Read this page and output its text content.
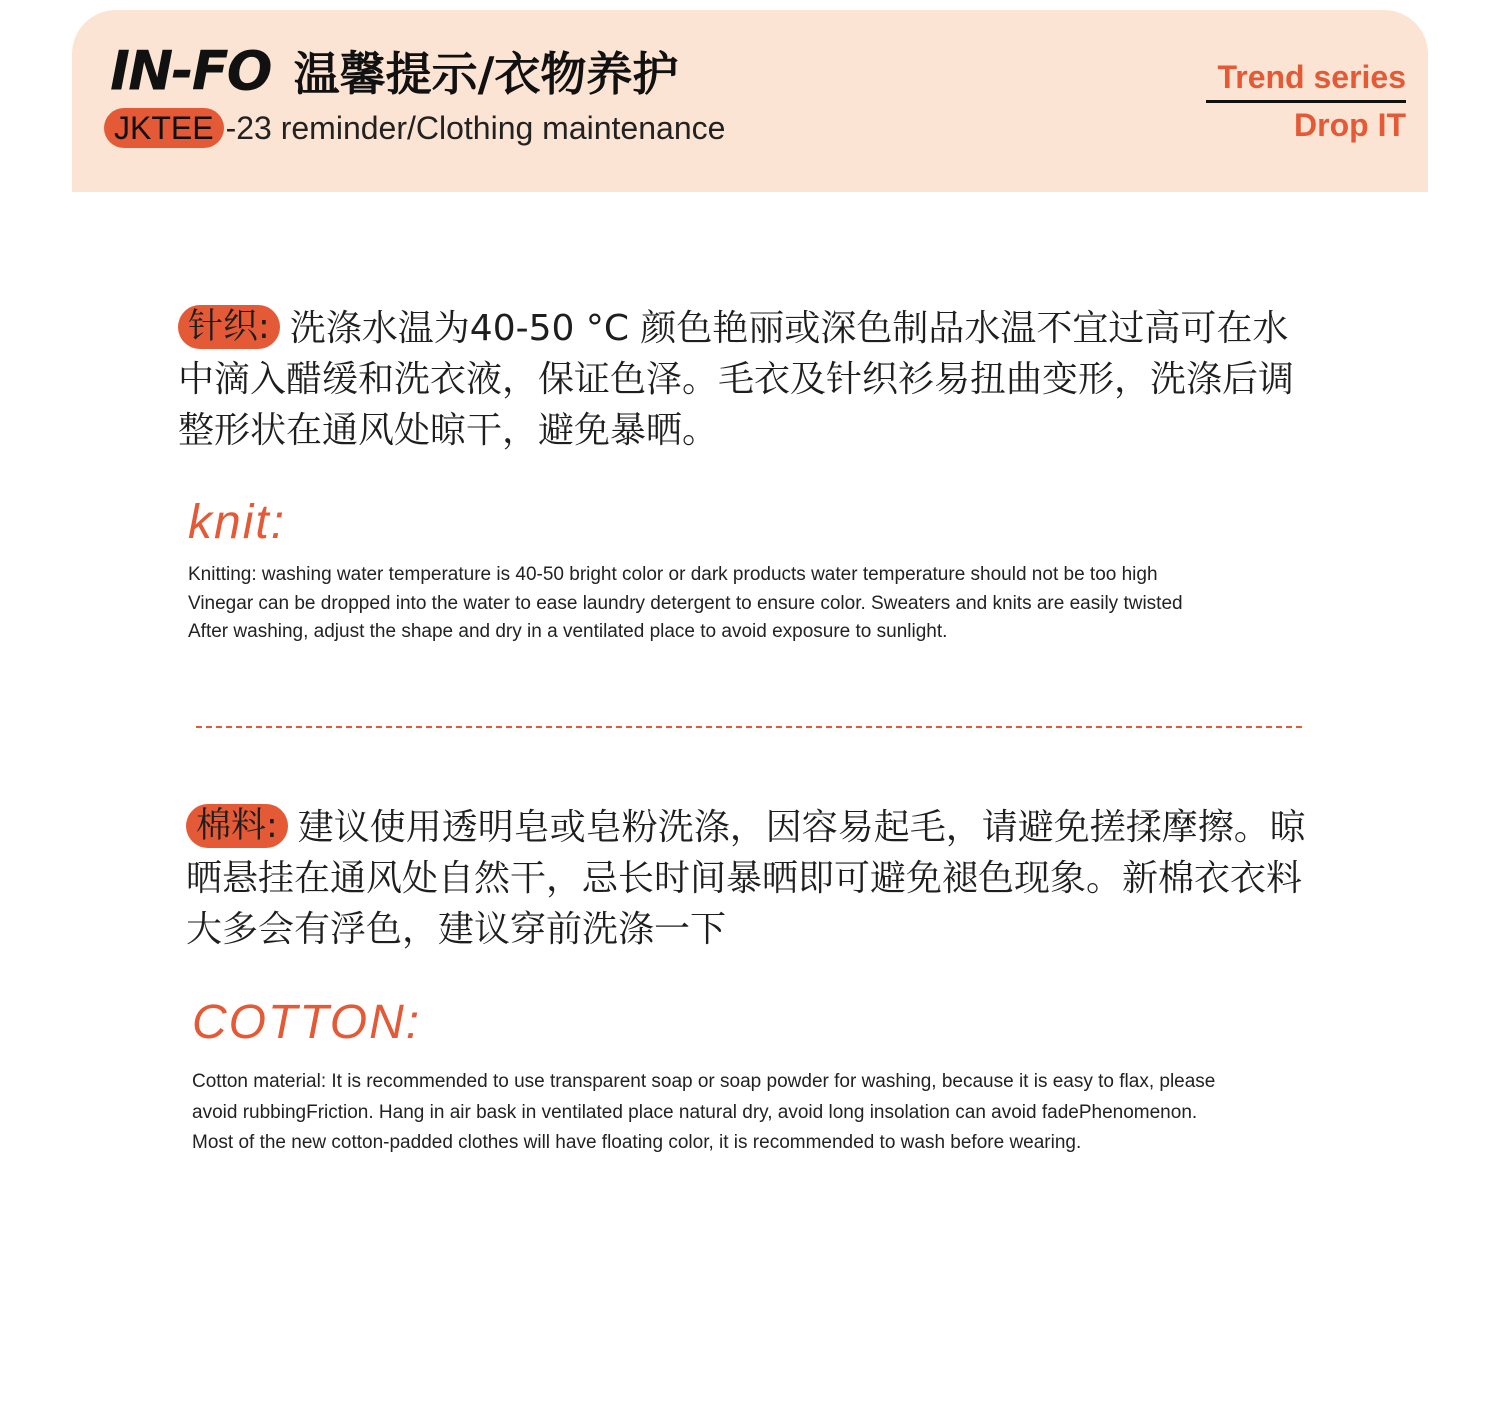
IN-FO 温馨提示/衣物养护
JKTEE -23 reminder/Clothing maintenance
Trend series
Drop IT
针织: 洗涤水温为40-50 °C 颜色艳丽或深色制品水温不宜过高可在水中滴入醋缓和洗衣液，保证色泽。毛衣及针织衫易扭曲变形，洗涤后调整形状在通风处晾干，避免暴晒。
knit:
Knitting: washing water temperature is 40-50 bright color or dark products water temperature should not be too high
Vinegar can be dropped into the water to ease laundry detergent to ensure color. Sweaters and knits are easily twisted
After washing, adjust the shape and dry in a ventilated place to avoid exposure to sunlight.
棉料: 建议使用透明皂或皂粉洗涤，因容易起毛，请避免搓揉摩擦。晾晒悬挂在通风处自然干，忌长时间暴晒即可避免褪色现象。新棉衣衣料大多会有浮色，建议穿前洗涤一下
COTTON:
Cotton material: It is recommended to use transparent soap or soap powder for washing, because it is easy to flax, please
avoid rubbingFriction. Hang in air bask in ventilated place natural dry, avoid long insolation can avoid fadePhenomenon.
Most of the new cotton-padded clothes will have floating color, it is recommended to wash before wearing.
